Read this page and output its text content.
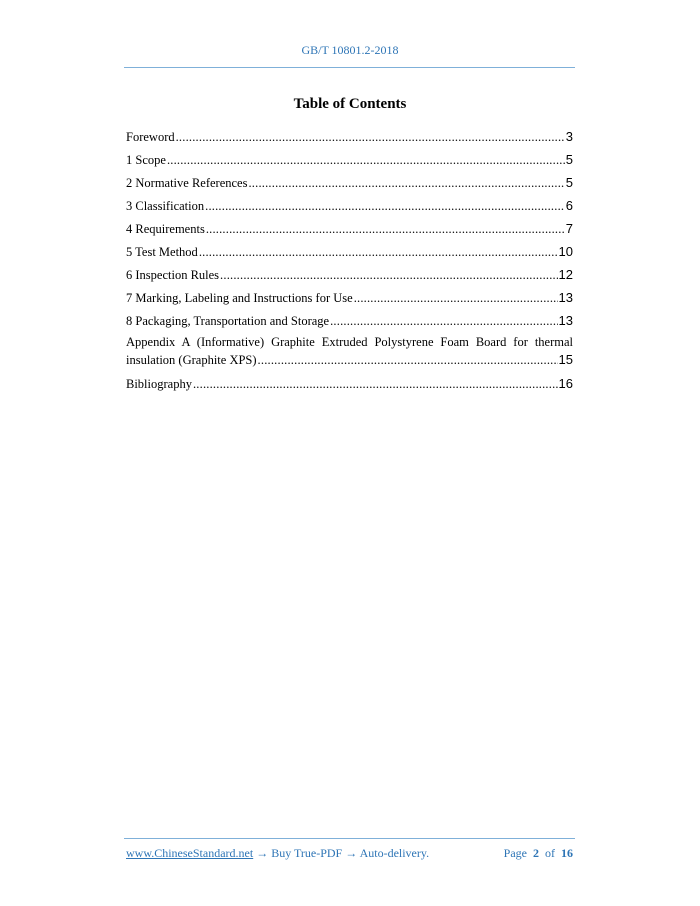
GB/T 10801.2-2018
Table of Contents
Foreword .....	3
1 Scope .....	5
2 Normative References .....	5
3 Classification .....	6
4 Requirements .....	7
5 Test Method .....	10
6 Inspection Rules .....	12
7 Marking, Labeling and Instructions for Use .....	13
8 Packaging, Transportation and Storage .....	13
Appendix A (Informative) Graphite Extruded Polystyrene Foam Board for thermal
insulation (Graphite XPS) .....	15
Bibliography .....	16
www.ChineseStandard.net → Buy True-PDF → Auto-delivery.	Page 2 of 16
